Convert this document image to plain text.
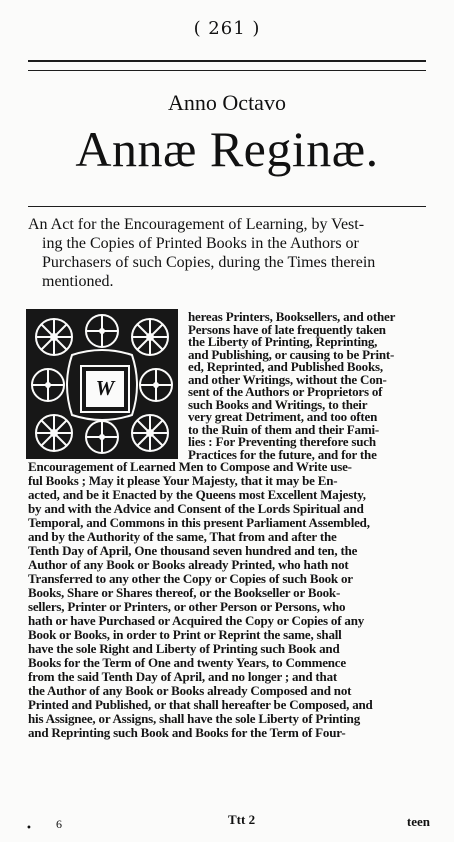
( 261 )
Anno Octavo
Annæ Reginæ.
An Act for the Encouragement of Learning, by Vest-
ing the Copies of Printed Books in the Authors or
Purchasers of such Copies, during the Times therein
mentioned.
W
hereas Printers, Booksellers, and other
Persons have of late frequently taken
the Liberty of Printing, Reprinting,
and Publishing, or causing to be Print-
ed, Reprinted, and Published Books,
and other Writings, without the Con-
sent of the Authors or Proprietors of
such Books and Writings, to their
very great Detriment, and too often
to the Ruin of them and their Fami-
lies : For Preventing therefore such
Practices for the future, and for the
Encouragement of Learned Men to Compose and Write use-
ful Books ; May it please Your Majesty, that it may be En-
acted, and be it Enacted by the Queens most Excellent Majesty,
by and with the Advice and Consent of the Lords Spiritual and
Temporal, and Commons in this present Parliament Assembled,
and by the Authority of the same, That from and after the
Tenth Day of April, One thousand seven hundred and ten, the
Author of any Book or Books already Printed, who hath not
Transferred to any other the Copy or Copies of such Book or
Books, Share or Shares thereof, or the Bookseller or Book-
sellers, Printer or Printers, or other Person or Persons, who
hath or have Purchased or Acquired the Copy or Copies of any
Book or Books, in order to Print or Reprint the same, shall
have the sole Right and Liberty of Printing such Book and
Books for the Term of One and twenty Years, to Commence
from the said Tenth Day of April, and no longer ; and that
the Author of any Book or Books already Composed and not
Printed and Published, or that shall hereafter be Composed, and
his Assignee, or Assigns, shall have the sole Liberty of Printing
and Reprinting such Book and Books for the Term of Four-
• 6	Ttt 2	teen
